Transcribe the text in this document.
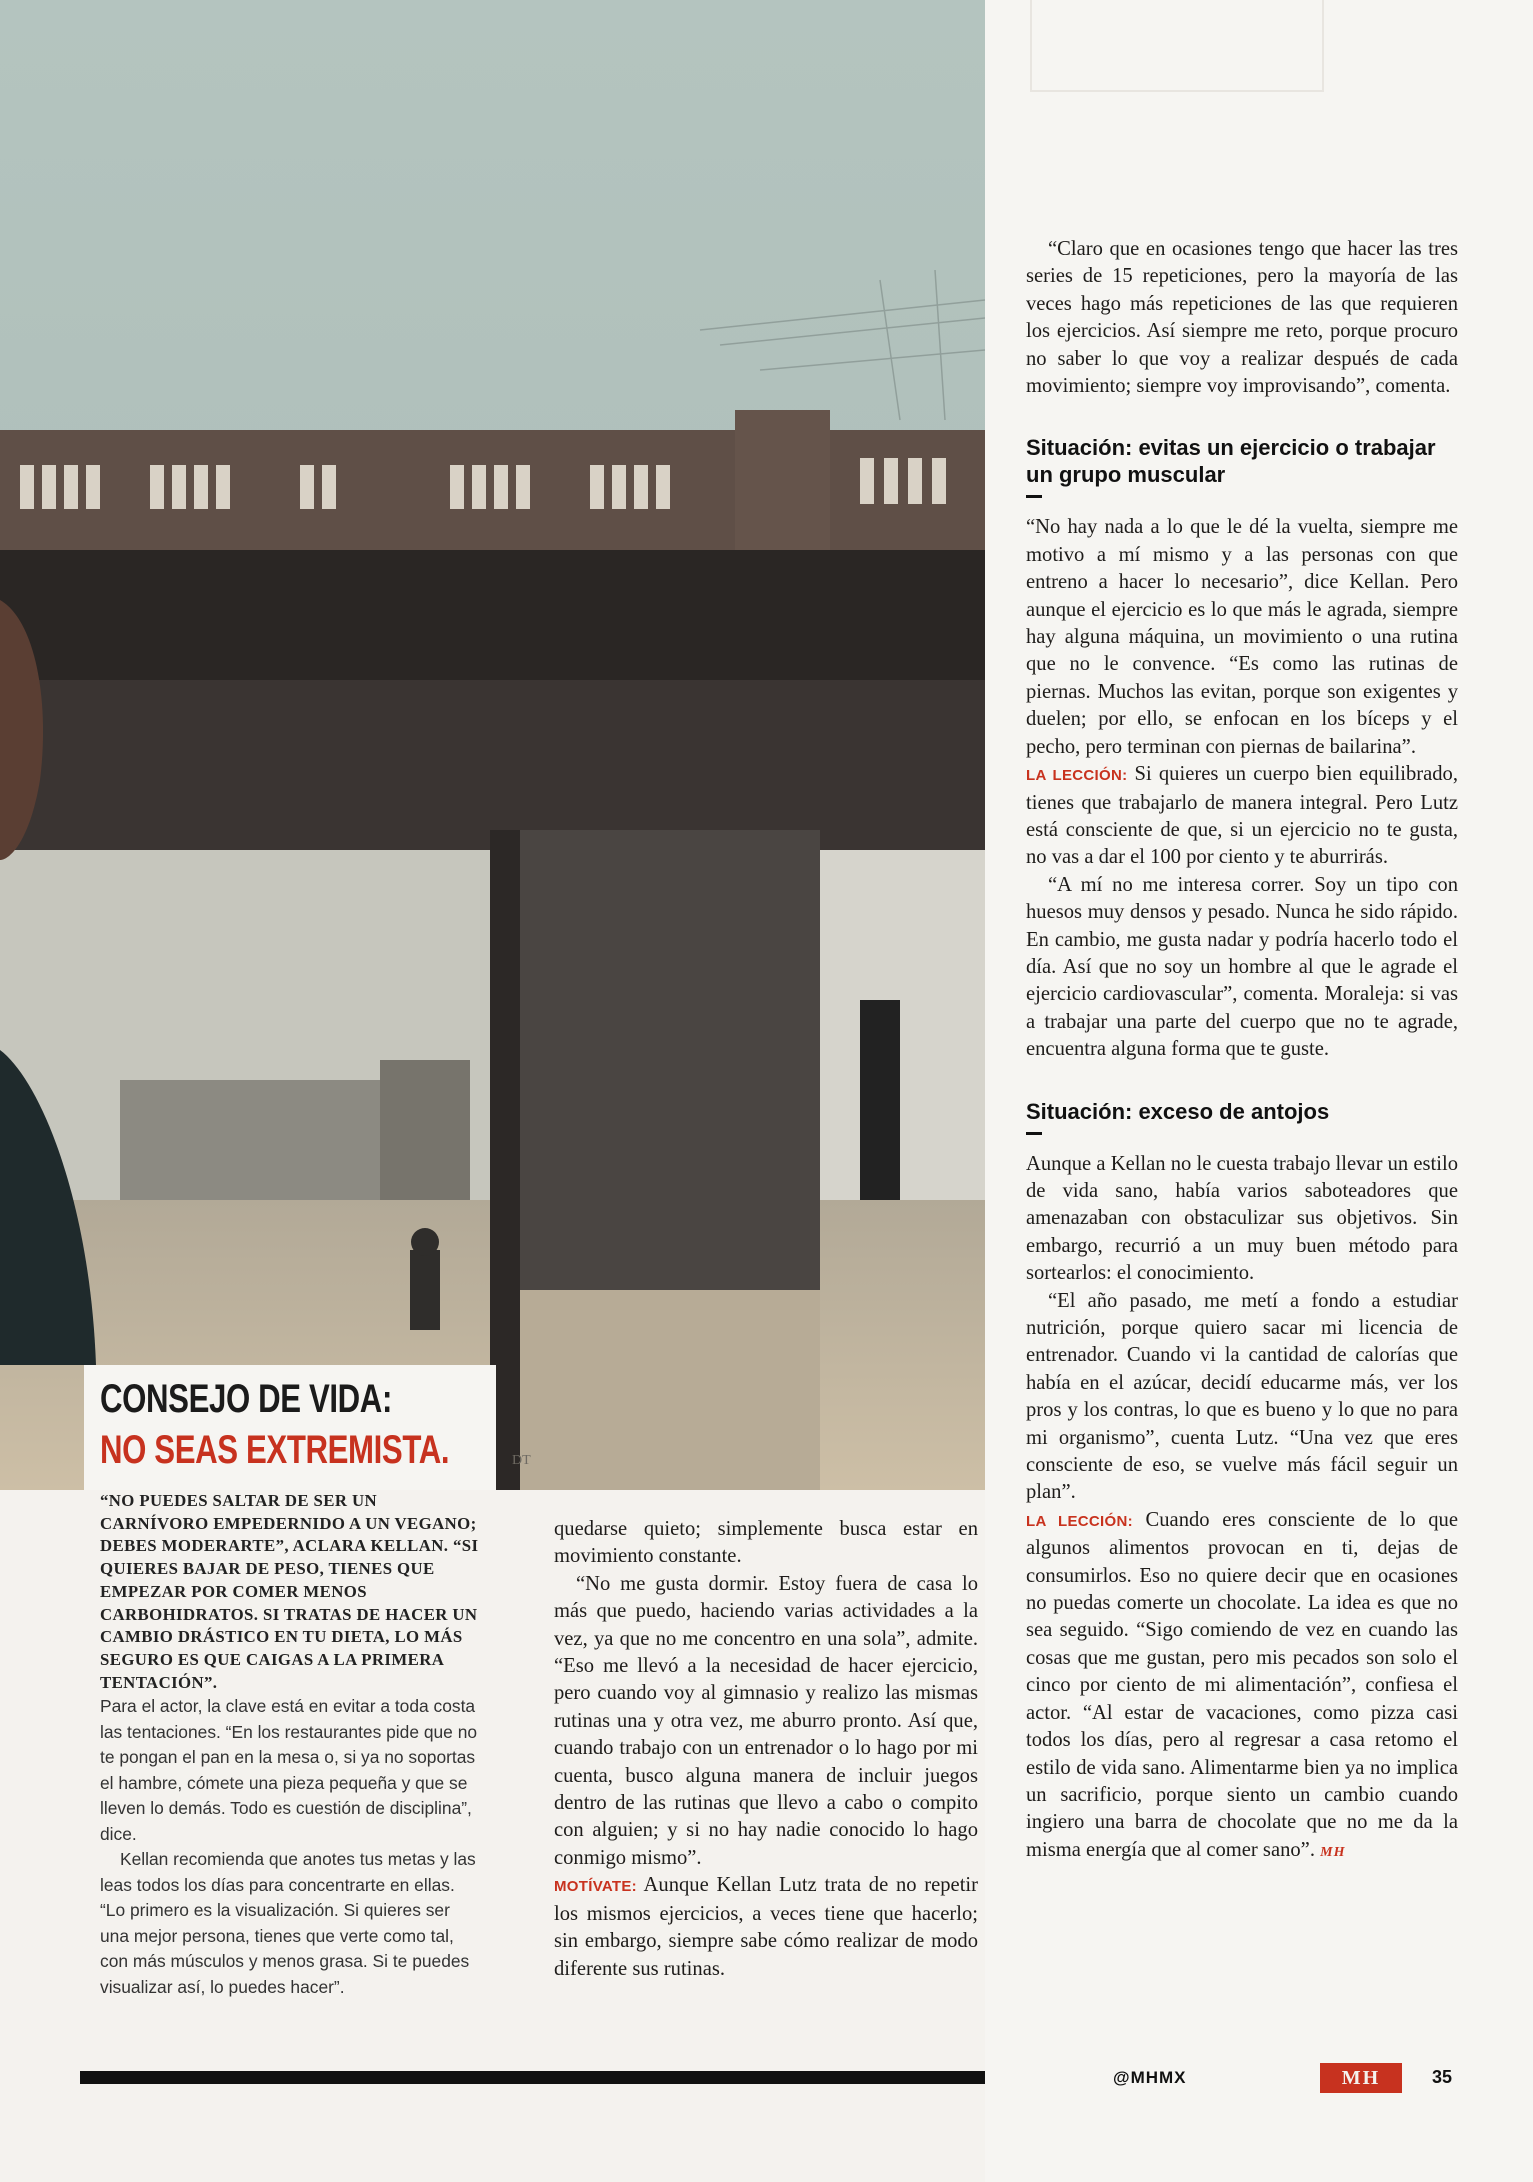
DT

CONSEJO DE VIDA:

NO SEAS EXTREMISTA.

“NO PUEDES SALTAR DE SER UN CARNÍVORO EMPEDERNIDO A UN VEGANO; DEBES MODERARTE”, ACLARA KELLAN. “SI QUIERES BAJAR DE PESO, TIENES QUE EMPEZAR POR COMER MENOS CARBOHIDRATOS. SI TRATAS DE HACER UN CAMBIO DRÁSTICO EN TU DIETA, LO MÁS SEGURO ES QUE CAIGAS A LA PRIMERA TENTACIÓN”.

Para el actor, la clave está en evitar a toda costa las tentaciones. “En los restaurantes pide que no te pongan el pan en la mesa o, si ya no soportas el hambre, cómete una pieza pequeña y que se lleven lo demás. Todo es cuestión de disciplina”, dice.

Kellan recomienda que anotes tus metas y las leas todos los días para concentrarte en ellas. “Lo primero es la visualización. Si quieres ser una mejor persona, tienes que verte como tal, con más músculos y menos grasa. Si te puedes visualizar así, lo puedes hacer”.

quedarse quieto; simplemente busca estar en movimiento constante.

“No me gusta dormir. Estoy fuera de casa lo más que puedo, haciendo varias actividades a la vez, ya que no me concentro en una sola”, admite. “Eso me llevó a la necesidad de hacer ejercicio, pero cuando voy al gimnasio y realizo las mismas rutinas una y otra vez, me aburro pronto. Así que, cuando trabajo con un entrenador o lo hago por mi cuenta, busco alguna manera de incluir juegos dentro de las rutinas que llevo a cabo o compito con alguien; y si no hay nadie conocido lo hago conmigo mismo”.

MOTÍVATE: Aunque Kellan Lutz trata de no repetir los mismos ejercicios, a veces tiene que hacerlo; sin embargo, siempre sabe cómo realizar de modo diferente sus rutinas.

“Claro que en ocasiones tengo que hacer las tres series de 15 repeticiones, pero la mayoría de las veces hago más repeticiones de las que requieren los ejercicios. Así siempre me reto, porque procuro no saber lo que voy a realizar después de cada movimiento; siempre voy improvisando”, comenta.

Situación: evitas un ejercicio o trabajar un grupo muscular

“No hay nada a lo que le dé la vuelta, siempre me motivo a mí mismo y a las personas con que entreno a hacer lo necesario”, dice Kellan. Pero aunque el ejercicio es lo que más le agrada, siempre hay alguna máquina, un movimiento o una rutina que no le convence. “Es como las rutinas de piernas. Muchos las evitan, porque son exigentes y duelen; por ello, se enfocan en los bíceps y el pecho, pero terminan con piernas de bailarina”.

LA LECCIÓN: Si quieres un cuerpo bien equilibrado, tienes que trabajarlo de manera integral. Pero Lutz está consciente de que, si un ejercicio no te gusta, no vas a dar el 100 por ciento y te aburrirás.

“A mí no me interesa correr. Soy un tipo con huesos muy densos y pesado. Nunca he sido rápido. En cambio, me gusta nadar y podría hacerlo todo el día. Así que no soy un hombre al que le agrade el ejercicio cardiovascular”, comenta. Moraleja: si vas a trabajar una parte del cuerpo que no te agrade, encuentra alguna forma que te guste.

Situación: exceso de antojos

Aunque a Kellan no le cuesta trabajo llevar un estilo de vida sano, había varios saboteadores que amenazaban con obstaculizar sus objetivos. Sin embargo, recurrió a un muy buen método para sortearlos: el conocimiento.

“El año pasado, me metí a fondo a estudiar nutrición, porque quiero sacar mi licencia de entrenador. Cuando vi la cantidad de calorías que había en el azúcar, decidí educarme más, ver los pros y los contras, lo que es bueno y lo que no para mi organismo”, cuenta Lutz. “Una vez que eres consciente de eso, se vuelve más fácil seguir un plan”.

LA LECCIÓN: Cuando eres consciente de lo que algunos alimentos provocan en ti, dejas de consumirlos. Eso no quiere decir que en ocasiones no puedas comerte un chocolate. La idea es que no sea seguido. “Sigo comiendo de vez en cuando las cosas que me gustan, pero mis pecados son solo el cinco por ciento de mi alimentación”, confiesa el actor. “Al estar de vacaciones, como pizza casi todos los días, pero al regresar a casa retomo el estilo de vida sano. Alimentarme bien ya no implica un sacrificio, porque siento un cambio cuando ingiero una barra de chocolate que no me da la misma energía que al comer sano”. MH

@MHMX	MH	35
